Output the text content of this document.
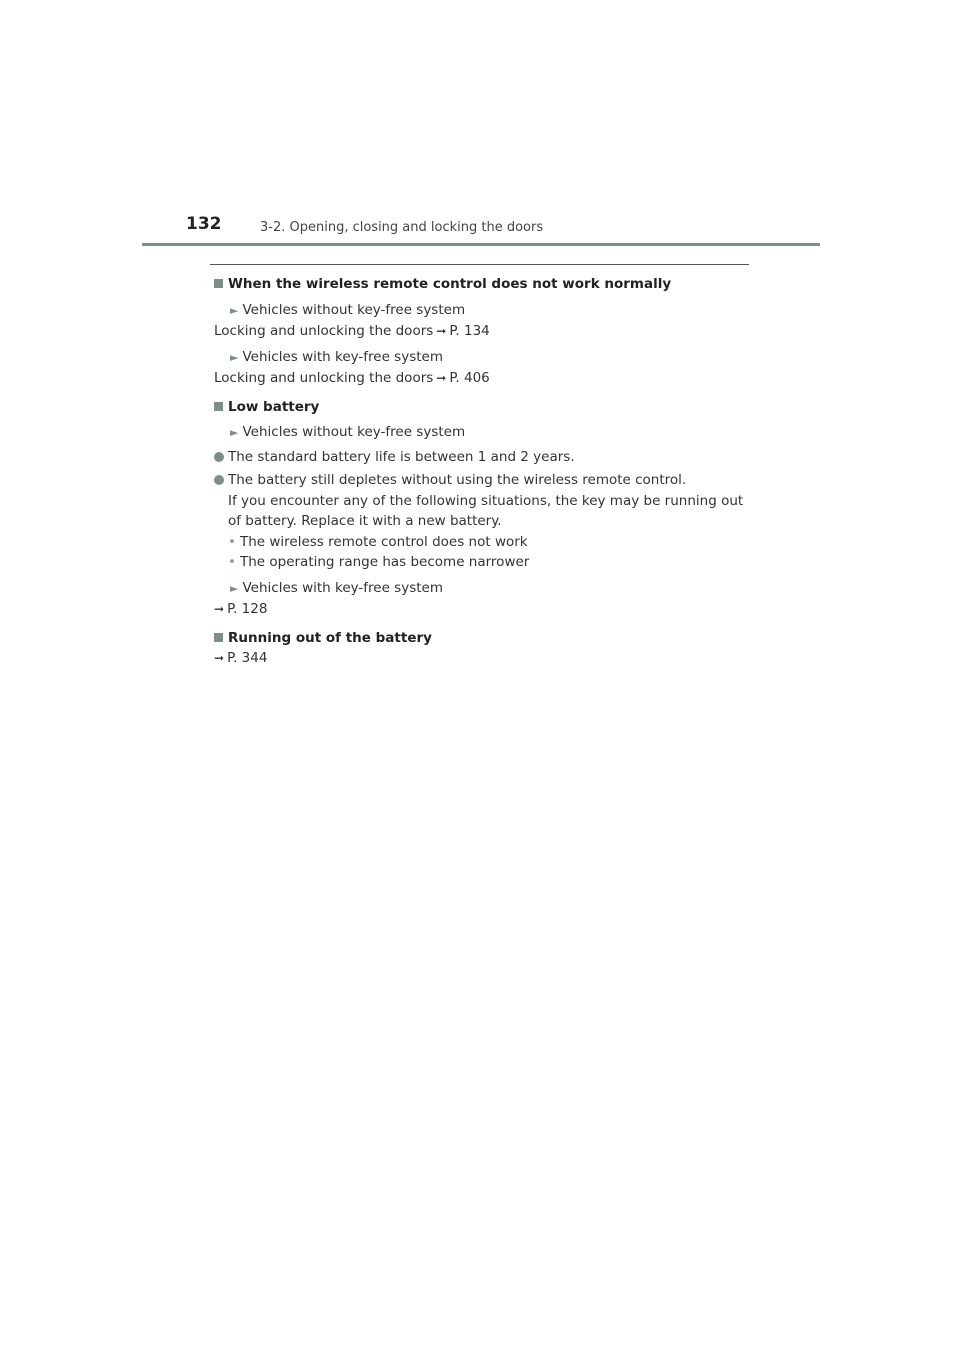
132	3-2. Opening, closing and locking the doors
When the wireless remote control does not work normally
► Vehicles without key-free system
Locking and unlocking the doors ➞ P. 134
► Vehicles with key-free system
Locking and unlocking the doors ➞ P. 406
Low battery
► Vehicles without key-free system
The standard battery life is between 1 and 2 years.
The battery still depletes without using the wireless remote control.
If you encounter any of the following situations, the key may be running out
of battery. Replace it with a new battery.
• The wireless remote control does not work
• The operating range has become narrower
► Vehicles with key-free system
➞ P. 128
Running out of the battery
➞ P. 344
